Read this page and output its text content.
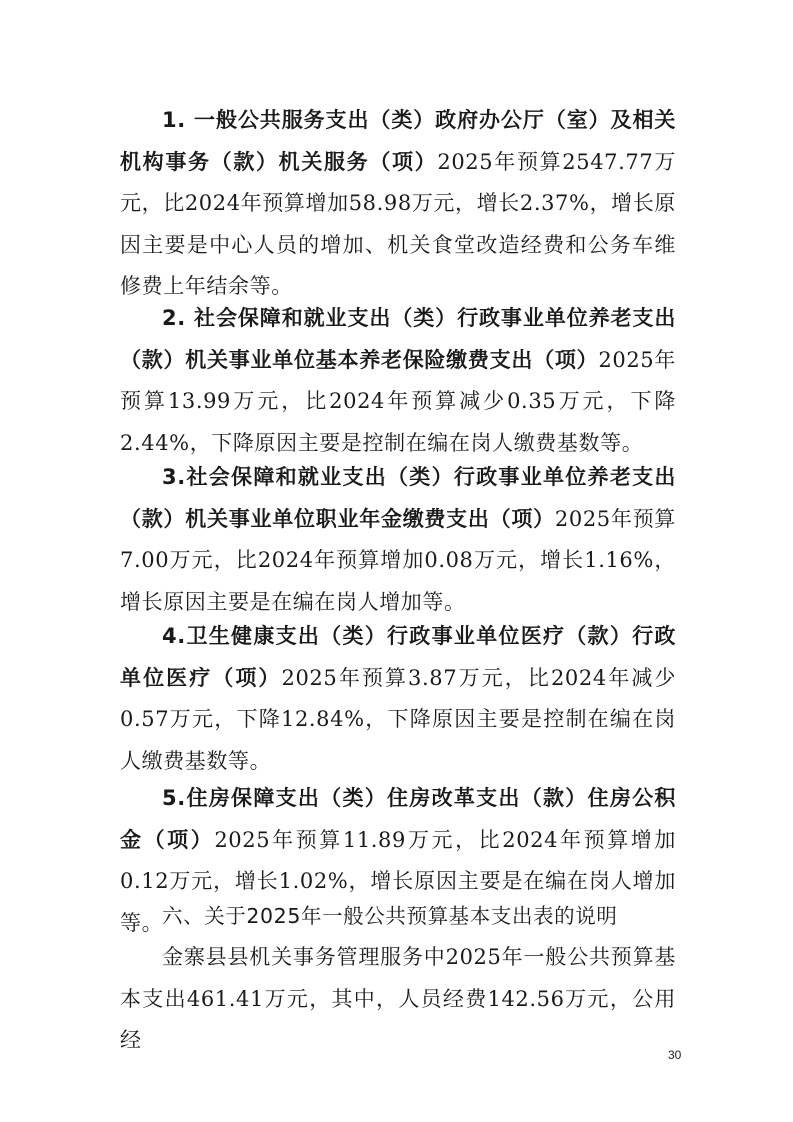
1. 一般公共服务支出（类）政府办公厅（室）及相关机构事务（款）机关服务（项）2025年预算2547.77万元，比2024年预算增加58.98万元，增长2.37%，增长原因主要是中心人员的增加、机关食堂改造经费和公务车维修费上年结余等。
2. 社会保障和就业支出（类）行政事业单位养老支出（款）机关事业单位基本养老保险缴费支出（项）2025年预算13.99万元，比2024年预算减少0.35万元，下降2.44%，下降原因主要是控制在编在岗人缴费基数等。
3.社会保障和就业支出（类）行政事业单位养老支出（款）机关事业单位职业年金缴费支出（项）2025年预算7.00万元，比2024年预算增加0.08万元，增长1.16%，增长原因主要是在编在岗人增加等。
4.卫生健康支出（类）行政事业单位医疗（款）行政单位医疗（项）2025年预算3.87万元，比2024年减少0.57万元，下降12.84%，下降原因主要是控制在编在岗人缴费基数等。
5.住房保障支出（类）住房改革支出（款）住房公积金（项）2025年预算11.89万元，比2024年预算增加0.12万元，增长1.02%，增长原因主要是在编在岗人增加等。
六、关于2025年一般公共预算基本支出表的说明
金寨县县机关事务管理服务中2025年一般公共预算基本支出461.41万元，其中，人员经费142.56万元，公用经
30
